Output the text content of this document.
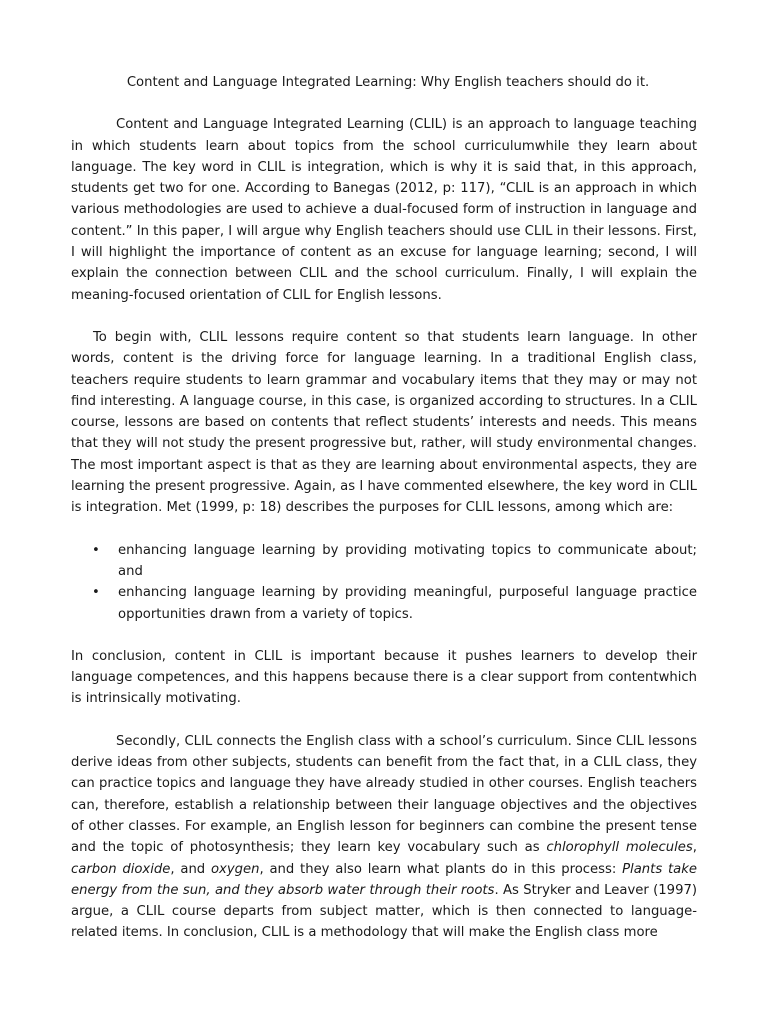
Content and Language Integrated Learning: Why English teachers should do it.

Content and Language Integrated Learning (CLIL) is an approach to language teaching in which students learn about topics from the school curriculumwhile they learn about language. The key word in CLIL is integration, which is why it is said that, in this approach, students get two for one. According to Banegas (2012, p: 117), “CLIL is an approach in which various methodologies are used to achieve a dual-focused form of instruction in language and content.” In this paper, I will argue why English teachers should use CLIL in their lessons. First, I will highlight the importance of content as an excuse for language learning; second, I will explain the connection between CLIL and the school curriculum. Finally, I will explain the meaning-focused orientation of CLIL for English lessons.

To begin with, CLIL lessons require content so that students learn language. In other words, content is the driving force for language learning. In a traditional English class, teachers require students to learn grammar and vocabulary items that they may or may not find interesting. A language course, in this case, is organized according to structures. In a CLIL course, lessons are based on contents that reflect students’ interests and needs. This means that they will not study the present progressive but, rather, will study environmental changes. The most important aspect is that as they are learning about environmental aspects, they are learning the present progressive. Again, as I have commented elsewhere, the key word in CLIL is integration. Met (1999, p: 18) describes the purposes for CLIL lessons, among which are:

• enhancing language learning by providing motivating topics to communicate about; and
• enhancing language learning by providing meaningful, purposeful language practice opportunities drawn from a variety of topics.

In conclusion, content in CLIL is important because it pushes learners to develop their language competences, and this happens because there is a clear support from contentwhich is intrinsically motivating.

Secondly, CLIL connects the English class with a school’s curriculum. Since CLIL lessons derive ideas from other subjects, students can benefit from the fact that, in a CLIL class, they can practice topics and language they have already studied in other courses. English teachers can, therefore, establish a relationship between their language objectives and the objectives of other classes. For example, an English lesson for beginners can combine the present tense and the topic of photosynthesis; they learn key vocabulary such as chlorophyll molecules, carbon dioxide, and oxygen, and they also learn what plants do in this process: Plants take energy from the sun, and they absorb water through their roots. As Stryker and Leaver (1997) argue, a CLIL course departs from subject matter, which is then connected to language-related items. In conclusion, CLIL is a methodology that will make the English class more
